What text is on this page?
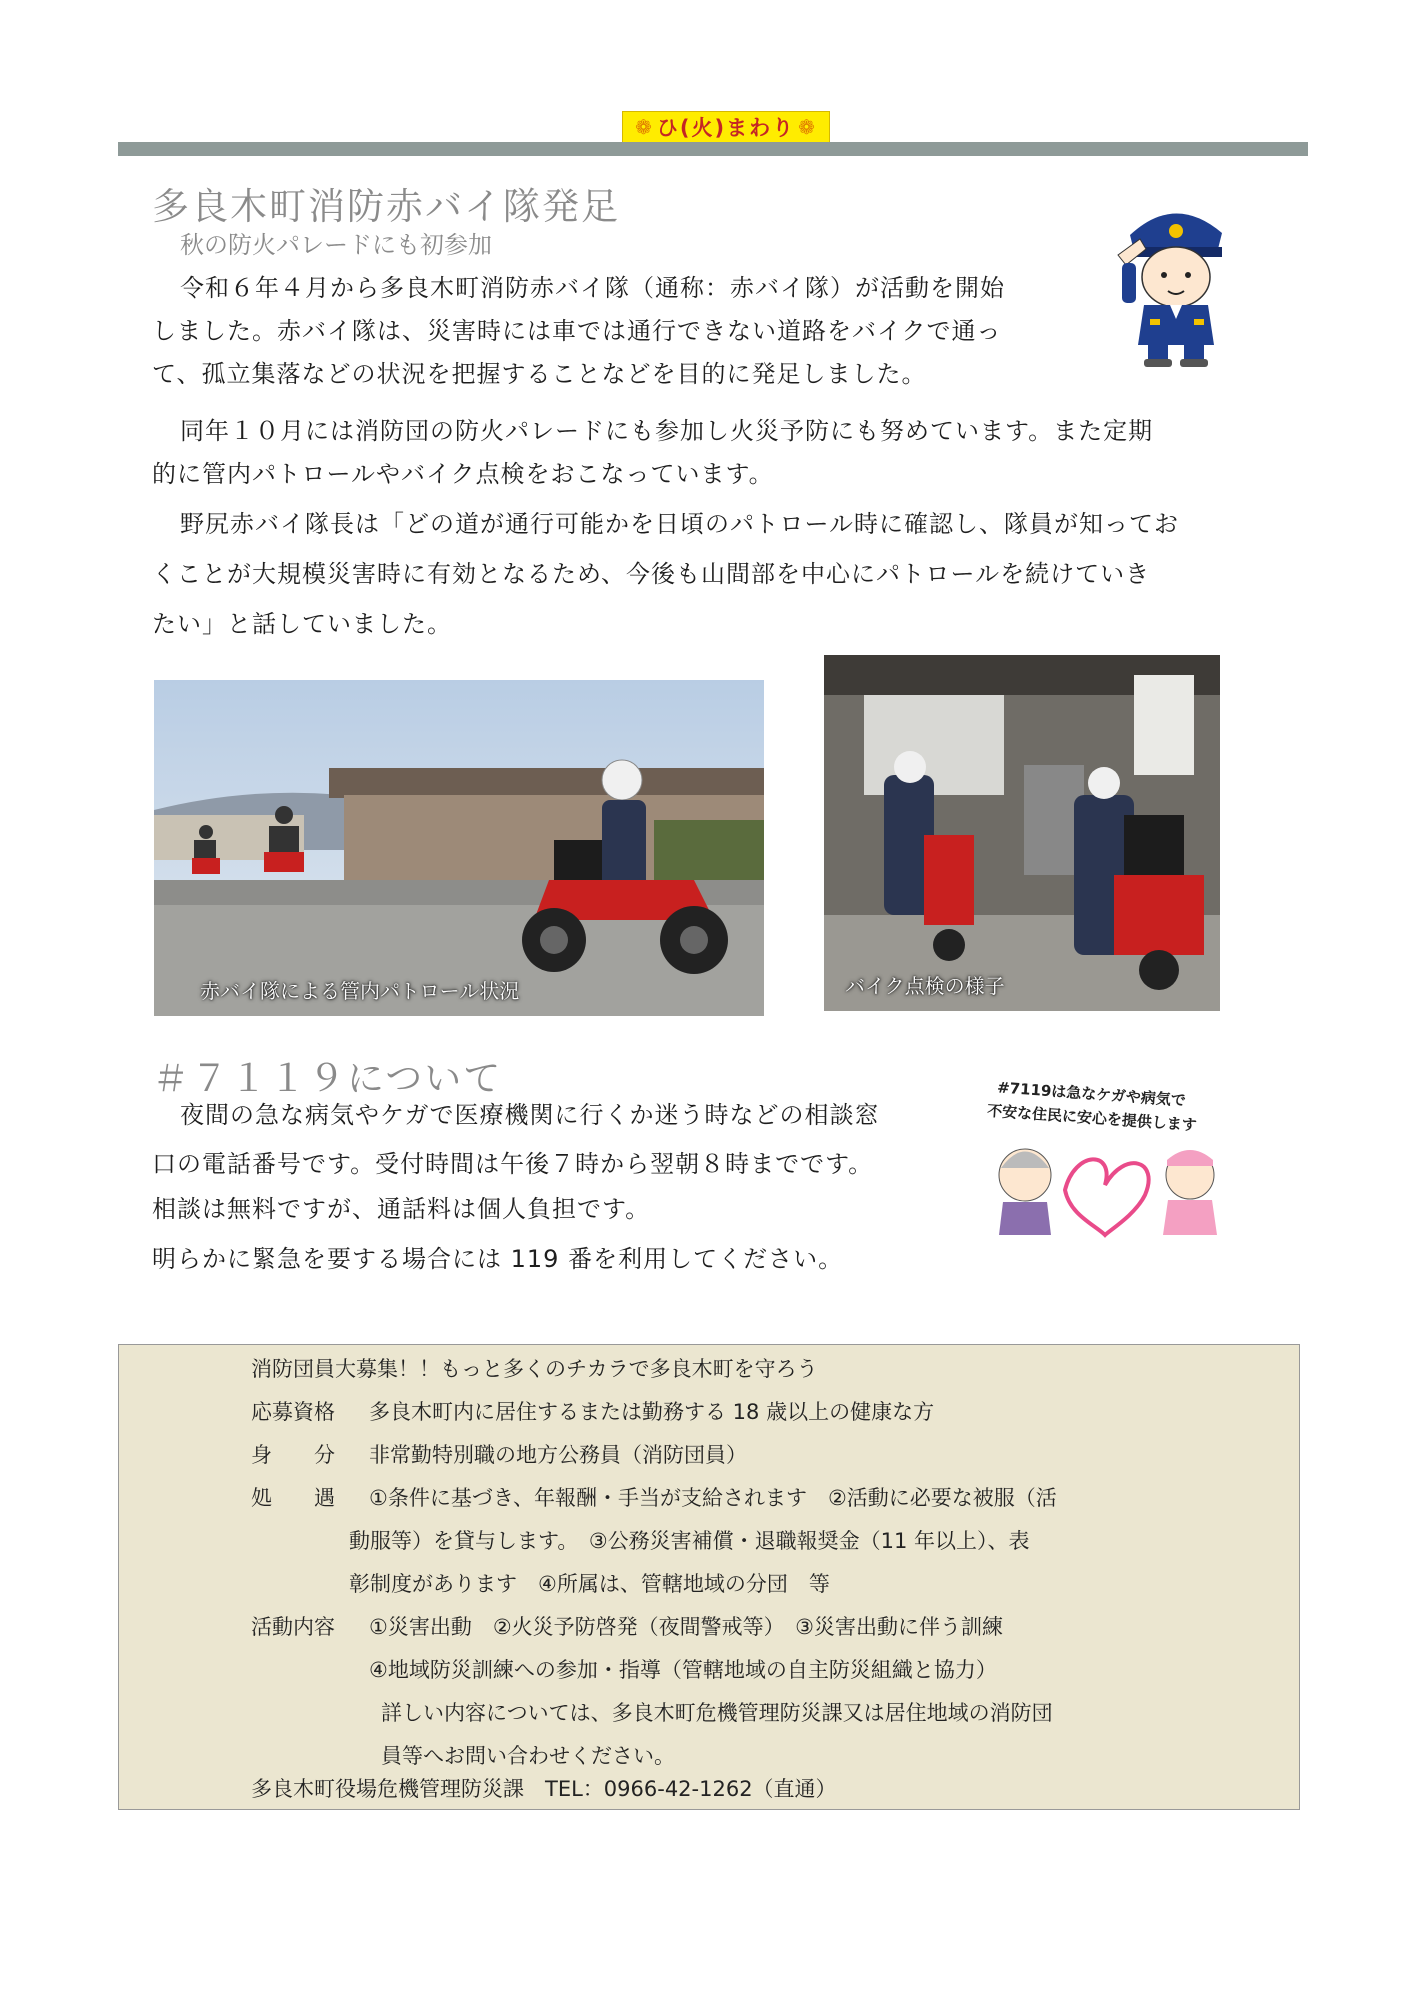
❁ ひ(火)まわり ❁
多良木町消防赤バイ隊発足
秋の防火パレードにも初参加
令和６年４月から多良木町消防赤バイ隊（通称：赤バイ隊）が活動を開始
しました。赤バイ隊は、災害時には車では通行できない道路をバイクで通っ
て、孤立集落などの状況を把握することなどを目的に発足しました。
同年１０月には消防団の防火パレードにも参加し火災予防にも努めています。また定期
的に管内パトロールやバイク点検をおこなっています。
野尻赤バイ隊長は「どの道が通行可能かを日頃のパトロール時に確認し、隊員が知ってお
くことが大規模災害時に有効となるため、今後も山間部を中心にパトロールを続けていき
たい」と話していました。
赤バイ隊による管内パトロール状況	バイク点検の様子
＃７１１９について
夜間の急な病気やケガで医療機関に行くか迷う時などの相談窓
口の電話番号です。受付時間は午後７時から翌朝８時までです。
相談は無料ですが、通話料は個人負担です。
明らかに緊急を要する場合には 119 番を利用してください。
#7119は急なケガや病気で
不安な住民に安心を提供します
消防団員大募集！！もっと多くのチカラで多良木町を守ろう
応募資格 多良木町内に居住するまたは勤務する 18 歳以上の健康な方
身　　分 非常勤特別職の地方公務員（消防団員）
処　　遇 ①条件に基づき、年報酬・手当が支給されます　②活動に必要な被服（活
動服等）を貸与します。　③公務災害補償・退職報奨金（11 年以上）、表
彰制度があります　④所属は、管轄地域の分団　等
活動内容 ①災害出動　②火災予防啓発（夜間警戒等）　③災害出動に伴う訓練
④地域防災訓練への参加・指導（管轄地域の自主防災組織と協力）
詳しい内容については、多良木町危機管理防災課又は居住地域の消防団
員等へお問い合わせください。
多良木町役場危機管理防災課　TEL：0966-42-1262（直通）
